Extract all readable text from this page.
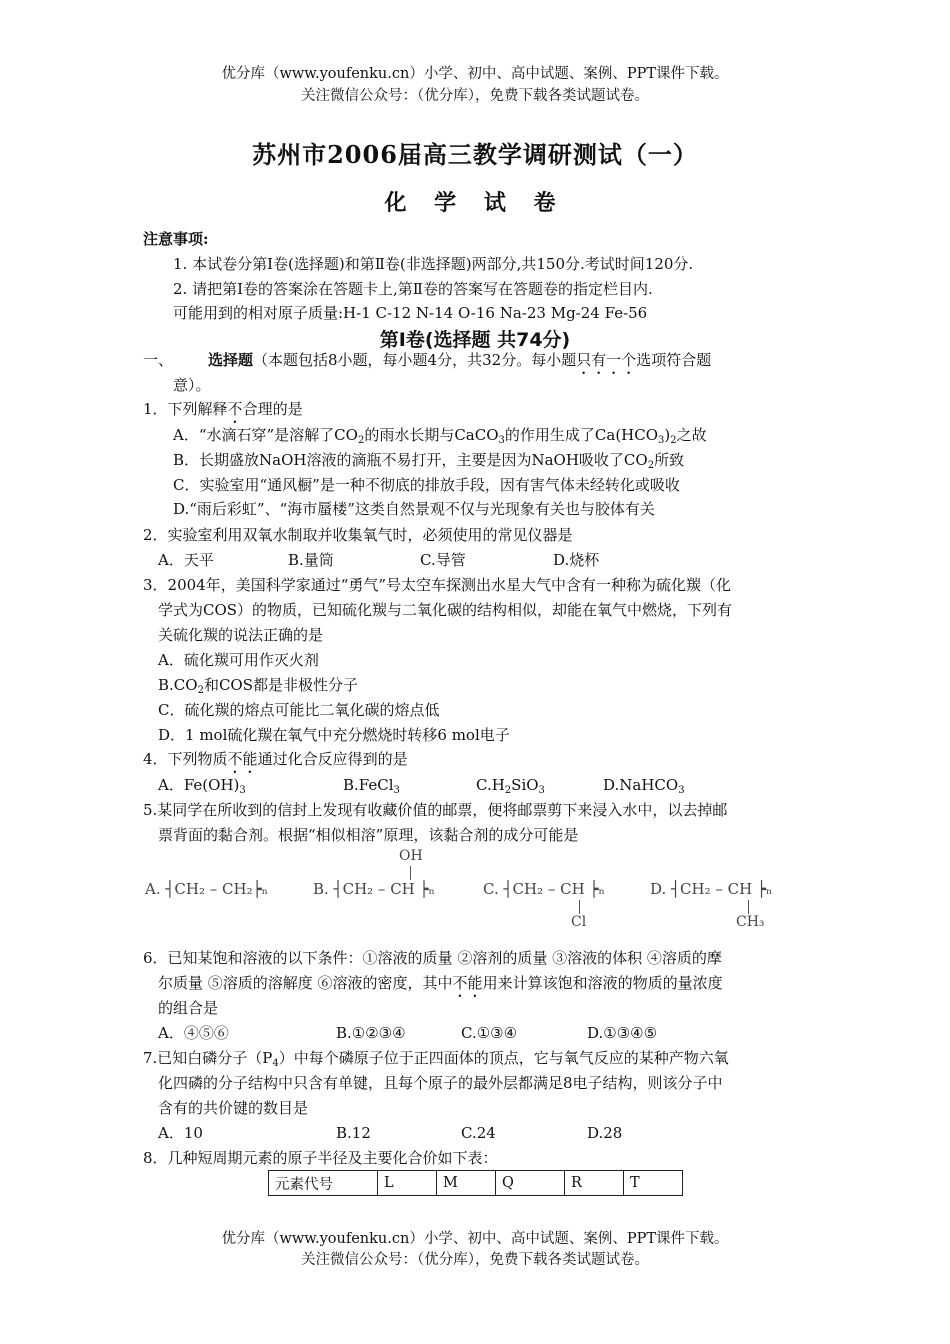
优分库（www.youfenku.cn）小学、初中、高中试题、案例、PPT课件下载。
关注微信公众号：（优分库），免费下载各类试题试卷。
苏州市2006届高三教学调研测试（一）
化 学 试 卷
注意事项:
1. 本试卷分第Ⅰ卷(选择题)和第Ⅱ卷(非选择题)两部分,共150分.考试时间120分.
2. 请把第Ⅰ卷的答案涂在答题卡上,第Ⅱ卷的答案写在答题卷的指定栏目内.
可能用到的相对原子质量:H-1 C-12 N-14 O-16 Na-23 Mg-24 Fe-56
第Ⅰ卷(选择题 共74分)
一、 选择题（本题包括8小题，每小题4分，共32分。每小题只有一个选项符合题
意）。
1．下列解释不合理的是
A．“水滴石穿”是溶解了$CO_2$的雨水长期与CaCO$_3$的作用生成了$Ca(HCO_3)_2$之故
B．长期盛放NaOH溶液的滴瓶不易打开，主要是因为NaOH吸收了$CO_2$所致
C．实验室用“通风橱”是一种不彻底的排放手段，因有害气体未经转化或吸收
D.“雨后彩虹”、“海市蜃楼”这类自然景观不仅与光现象有关也与胶体有关
2．实验室利用双氧水制取并收集氧气时，必须使用的常见仪器是
A．天平	B.量筒	C.导管	D.烧杯
3．2004年，美国科学家通过“勇气”号太空车探测出水星大气中含有一种称为硫化羰（化
学式为COS）的物质，已知硫化羰与二氧化碳的结构相似，却能在氧气中燃烧，下列有
关硫化羰的说法正确的是
A．硫化羰可用作灭火剂
$B.CO_2$和COS都是非极性分子
C．硫化羰的熔点可能比二氧化碳的熔点低
D．1 mol硫化羰在氧气中充分燃烧时转移6 mol电子
4．下列物质不能通过化合反应得到的是
A．$Fe(OH)_3$	B.FeCl$_3$	$C.H_2SiO_3$	D.NaHCO$_3$
5.某同学在所收到的信封上发现有收藏价值的邮票，便将邮票剪下来浸入水中，以去掉邮
票背面的黏合剂。根据“相似相溶”原理，该黏合剂的成分可能是
A. ┤CH₂ – CH₂┝ₙ	B. ┤CH₂ – CH ┝ₙ
OH
C. ┤CH₂ – CH ┝ₙ
Cl
D. ┤CH₂ – CH ┝ₙ
CH₃
6．已知某饱和溶液的以下条件：①溶液的质量 ②溶剂的质量 ③溶液的体积 ④溶质的摩
尔质量 ⑤溶质的溶解度 ⑥溶液的密度，其中不能用来计算该饱和溶液的物质的量浓度
的组合是
A．④⑤⑥	B.①②③④	C.①③④	D.①③④⑤
7.已知白磷分子$(P_4)$中每个磷原子位于正四面体的顶点，它与氧气反应的某种产物六氧
化四磷的分子结构中只含有单键，且每个原子的最外层都满足8电子结构，则该分子中
含有的共价键的数目是
A．10	B.12	C.24	D.28
8．几种短周期元素的原子半径及主要化合价如下表：
元素代号	L	M	Q	R	T
优分库（www.youfenku.cn）小学、初中、高中试题、案例、PPT课件下载。
关注微信公众号：（优分库），免费下载各类试题试卷。
